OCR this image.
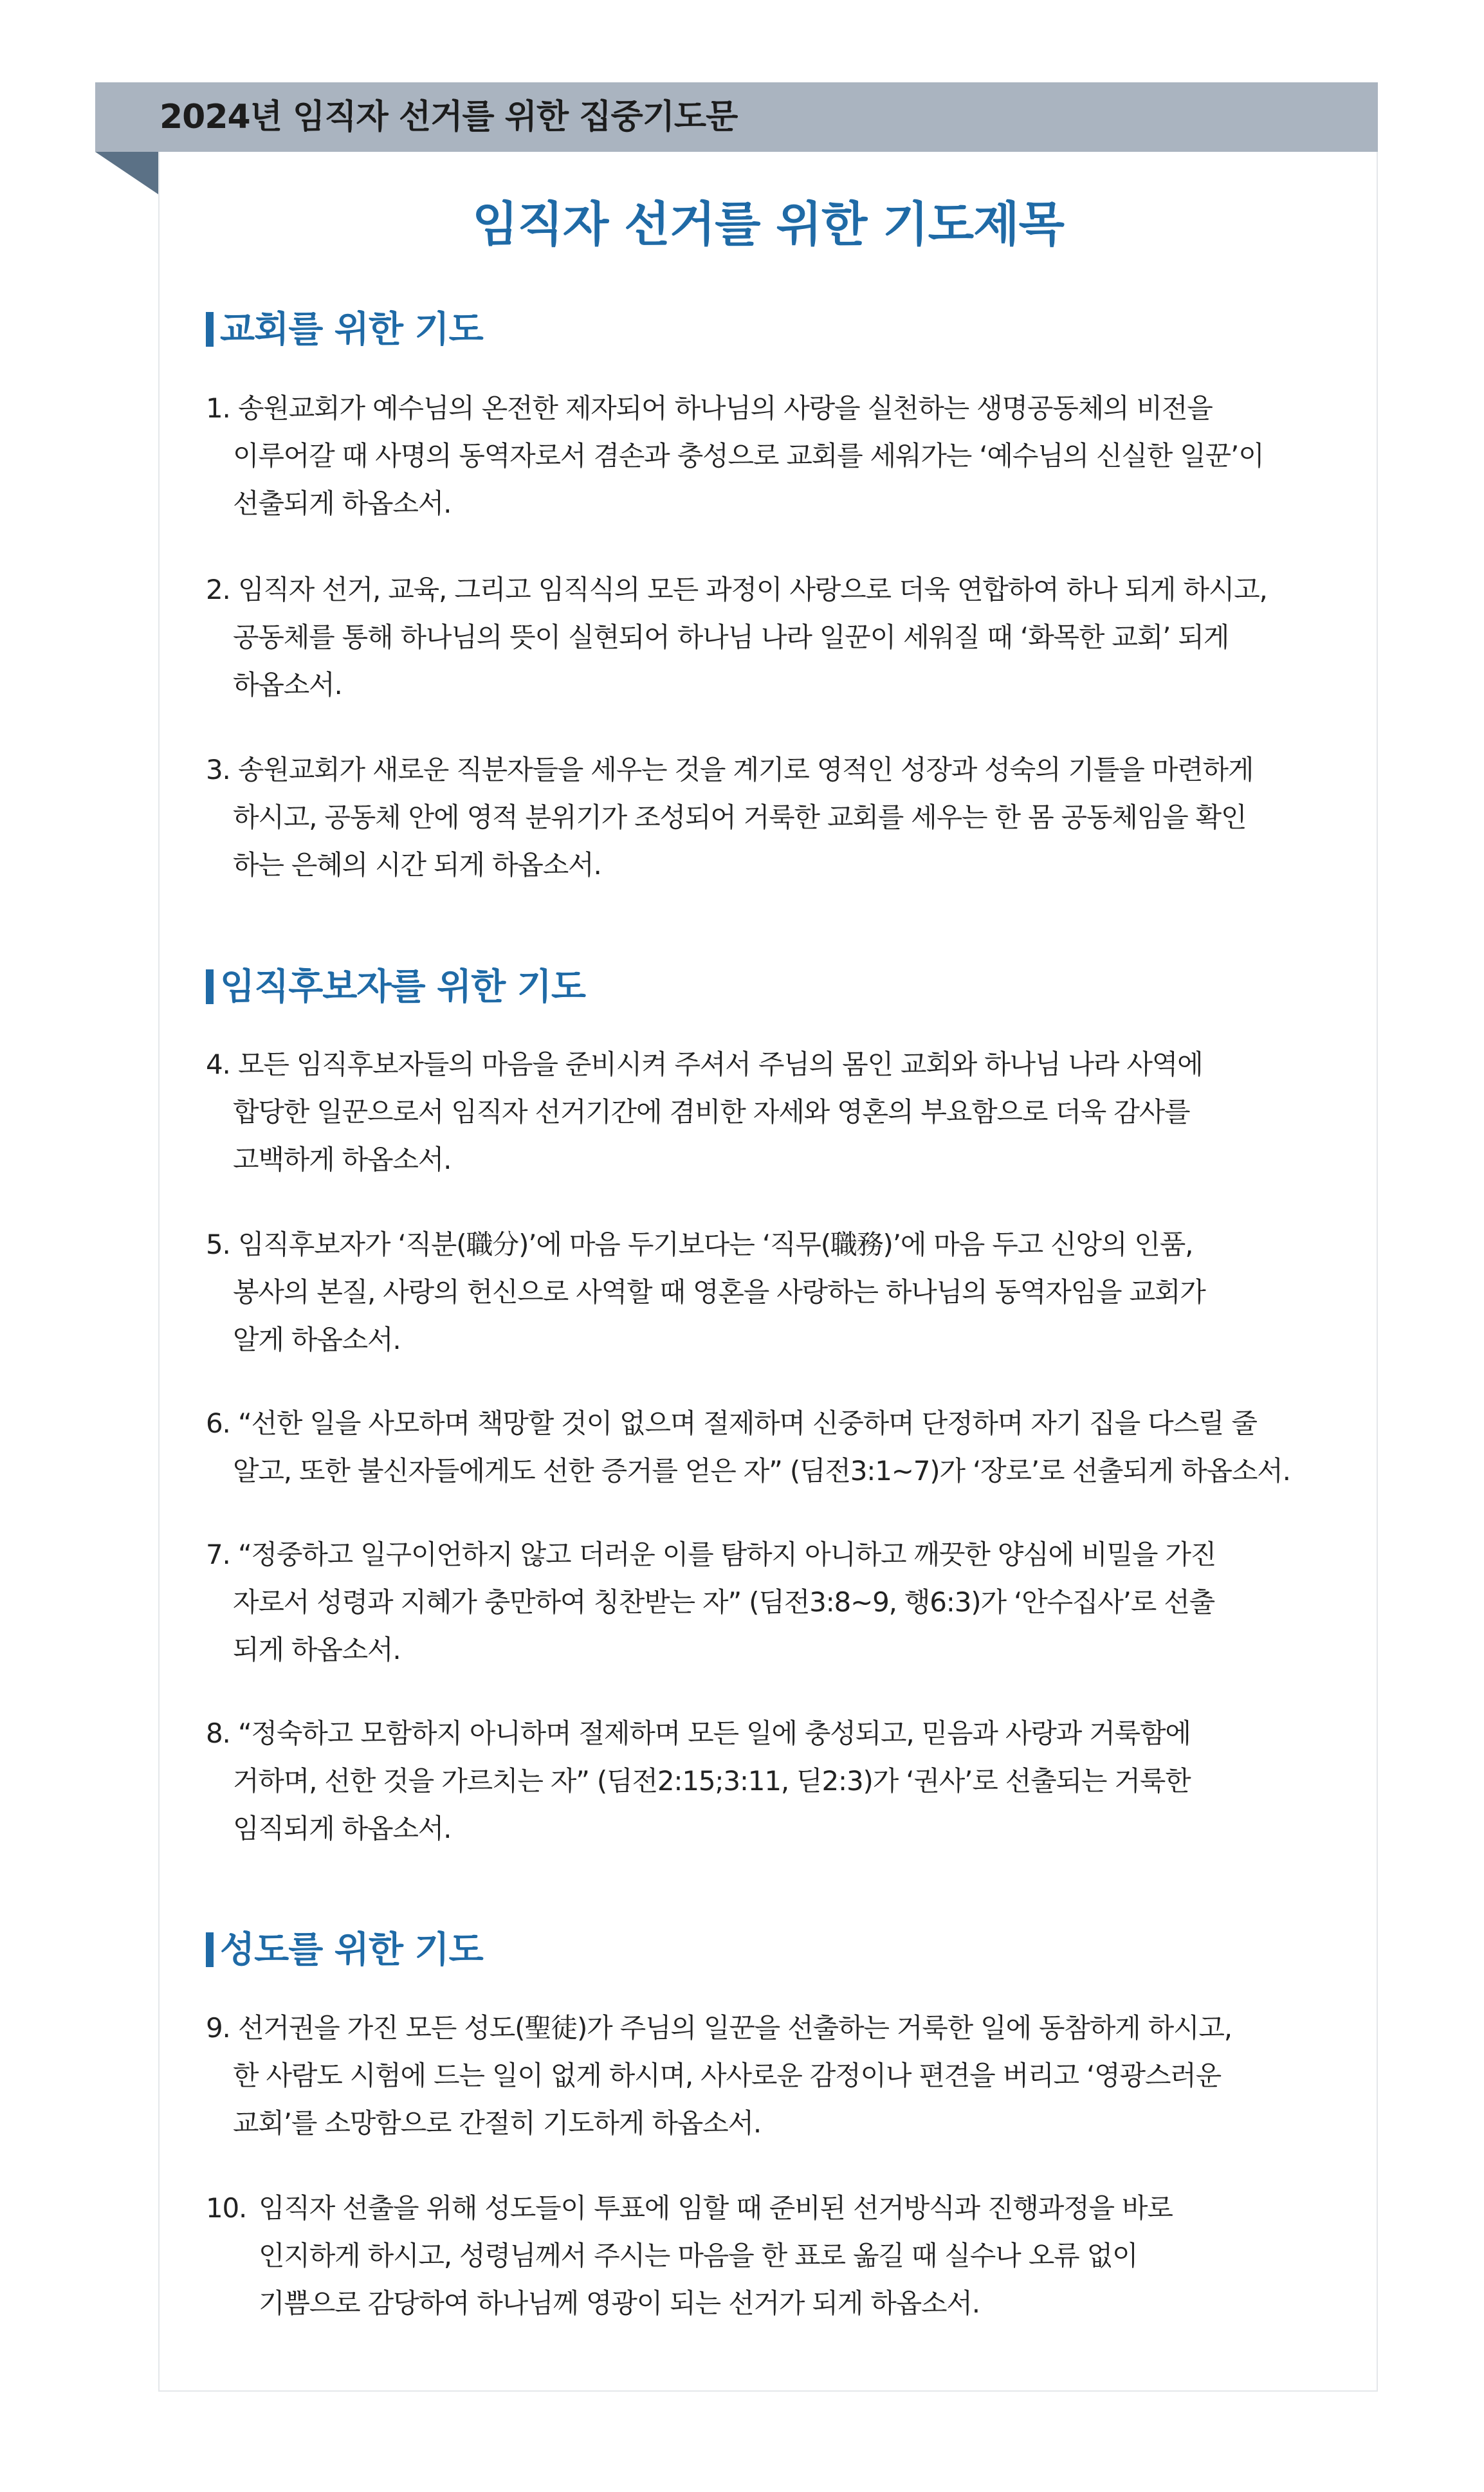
2024년 임직자 선거를 위한 집중기도문
임직자 선거를 위한 기도제목
교회를 위한 기도
1. 송원교회가 예수님의 온전한 제자되어 하나님의 사랑을 실천하는 생명공동체의 비전을
이루어갈 때 사명의 동역자로서 겸손과 충성으로 교회를 세워가는 ‘예수님의 신실한 일꾼’이
선출되게 하옵소서.
2. 임직자 선거, 교육, 그리고 임직식의 모든 과정이 사랑으로 더욱 연합하여 하나 되게 하시고,
공동체를 통해 하나님의 뜻이 실현되어 하나님 나라 일꾼이 세워질 때 ‘화목한 교회’ 되게
하옵소서.
3. 송원교회가 새로운 직분자들을 세우는 것을 계기로 영적인 성장과 성숙의 기틀을 마련하게
하시고, 공동체 안에 영적 분위기가 조성되어 거룩한 교회를 세우는 한 몸 공동체임을 확인
하는 은혜의 시간 되게 하옵소서.
임직후보자를 위한 기도
4. 모든 임직후보자들의 마음을 준비시켜 주셔서 주님의 몸인 교회와 하나님 나라 사역에
합당한 일꾼으로서 임직자 선거기간에 겸비한 자세와 영혼의 부요함으로 더욱 감사를
고백하게 하옵소서.
5. 임직후보자가 ‘직분(職分)’에 마음 두기보다는 ‘직무(職務)’에 마음 두고 신앙의 인품,
봉사의 본질, 사랑의 헌신으로 사역할 때 영혼을 사랑하는 하나님의 동역자임을 교회가
알게 하옵소서.
6. “선한 일을 사모하며 책망할 것이 없으며 절제하며 신중하며 단정하며 자기 집을 다스릴 줄
알고, 또한 불신자들에게도 선한 증거를 얻은 자” (딤전3:1~7)가 ‘장로’로 선출되게 하옵소서.
7. “정중하고 일구이언하지 않고 더러운 이를 탐하지 아니하고 깨끗한 양심에 비밀을 가진
자로서 성령과 지혜가 충만하여 칭찬받는 자” (딤전3:8~9, 행6:3)가 ‘안수집사’로 선출
되게 하옵소서.
8. “정숙하고 모함하지 아니하며 절제하며 모든 일에 충성되고, 믿음과 사랑과 거룩함에
거하며, 선한 것을 가르치는 자” (딤전2:15;3:11, 딛2:3)가 ‘권사’로 선출되는 거룩한
임직되게 하옵소서.
성도를 위한 기도
9. 선거권을 가진 모든 성도(聖徒)가 주님의 일꾼을 선출하는 거룩한 일에 동참하게 하시고,
한 사람도 시험에 드는 일이 없게 하시며, 사사로운 감정이나 편견을 버리고 ‘영광스러운
교회’를 소망함으로 간절히 기도하게 하옵소서.
10. 임직자 선출을 위해 성도들이 투표에 임할 때 준비된 선거방식과 진행과정을 바로
인지하게 하시고, 성령님께서 주시는 마음을 한 표로 옮길 때 실수나 오류 없이
기쁨으로 감당하여 하나님께 영광이 되는 선거가 되게 하옵소서.
